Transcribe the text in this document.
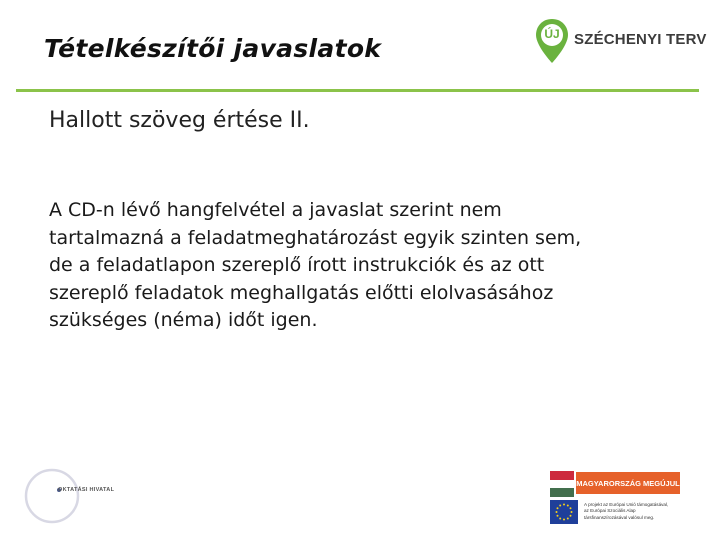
Tételkészítői javaslatok	ÚJ SZÉCHENYI TERV
Hallott szöveg értése II.
A CD-n lévő hangfelvétel a javaslat szerint nem
tartalmazná a feladatmeghatározást egyik szinten sem,
de a feladatlapon szereplő írott instrukciók és az ott
szereplő feladatok meghallgatás előtti elolvasásához
szükséges (néma) időt igen.
OKTATÁSI HIVATAL
MAGYARORSZÁG MEGÚJUL
A projekt az Európai Unió támogatásával,
az Európai Szociális Alap
társfinanszírozásával valósul meg.
